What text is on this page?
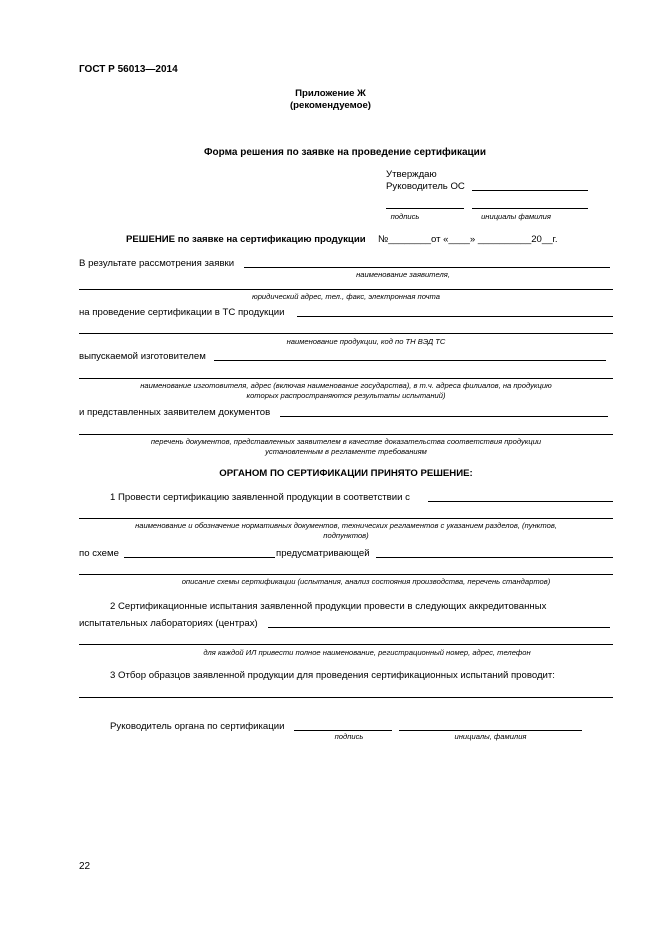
ГОСТ Р 56013—2014
Приложение Ж
(рекомендуемое)
Форма решения по заявке на проведение сертификации
Утверждаю
Руководитель ОС
подпись	инициалы фамилия
РЕШЕНИЕ по заявке на сертификацию продукции №________от «____» __________20__г.
В результате рассмотрения заявки
наименование заявителя,
юридический адрес, тел., факс, электронная почта
на проведение сертификации в ТС продукции
наименование продукции, код по ТН ВЭД ТС
выпускаемой изготовителем
наименование изготовителя, адрес (включая наименование государства), в т.ч. адреса филиалов, на продукцию
которых распространяются результаты испытаний)
и представленных заявителем документов
перечень документов, представленных заявителем в качестве доказательства соответствия продукции
установленным в регламенте требованиям
ОРГАНОМ ПО СЕРТИФИКАЦИИ ПРИНЯТО РЕШЕНИЕ:
1 Провести сертификацию заявленной продукции в соответствии с
наименование и обозначение нормативных документов, технических регламентов с указанием разделов, (пунктов,
подпунктов)
по схеме	предусматривающей
описание схемы сертификации (испытания, анализ состояния производства, перечень стандартов)
2 Сертификационные испытания заявленной продукции провести в следующих аккредитованных
испытательных лабораториях (центрах)
для каждой ИЛ привести полное наименование, регистрационный номер, адрес, телефон
3 Отбор образцов заявленной продукции для проведения сертификационных испытаний проводит:
Руководитель органа по сертификации
подпись	инициалы, фамилия
22
